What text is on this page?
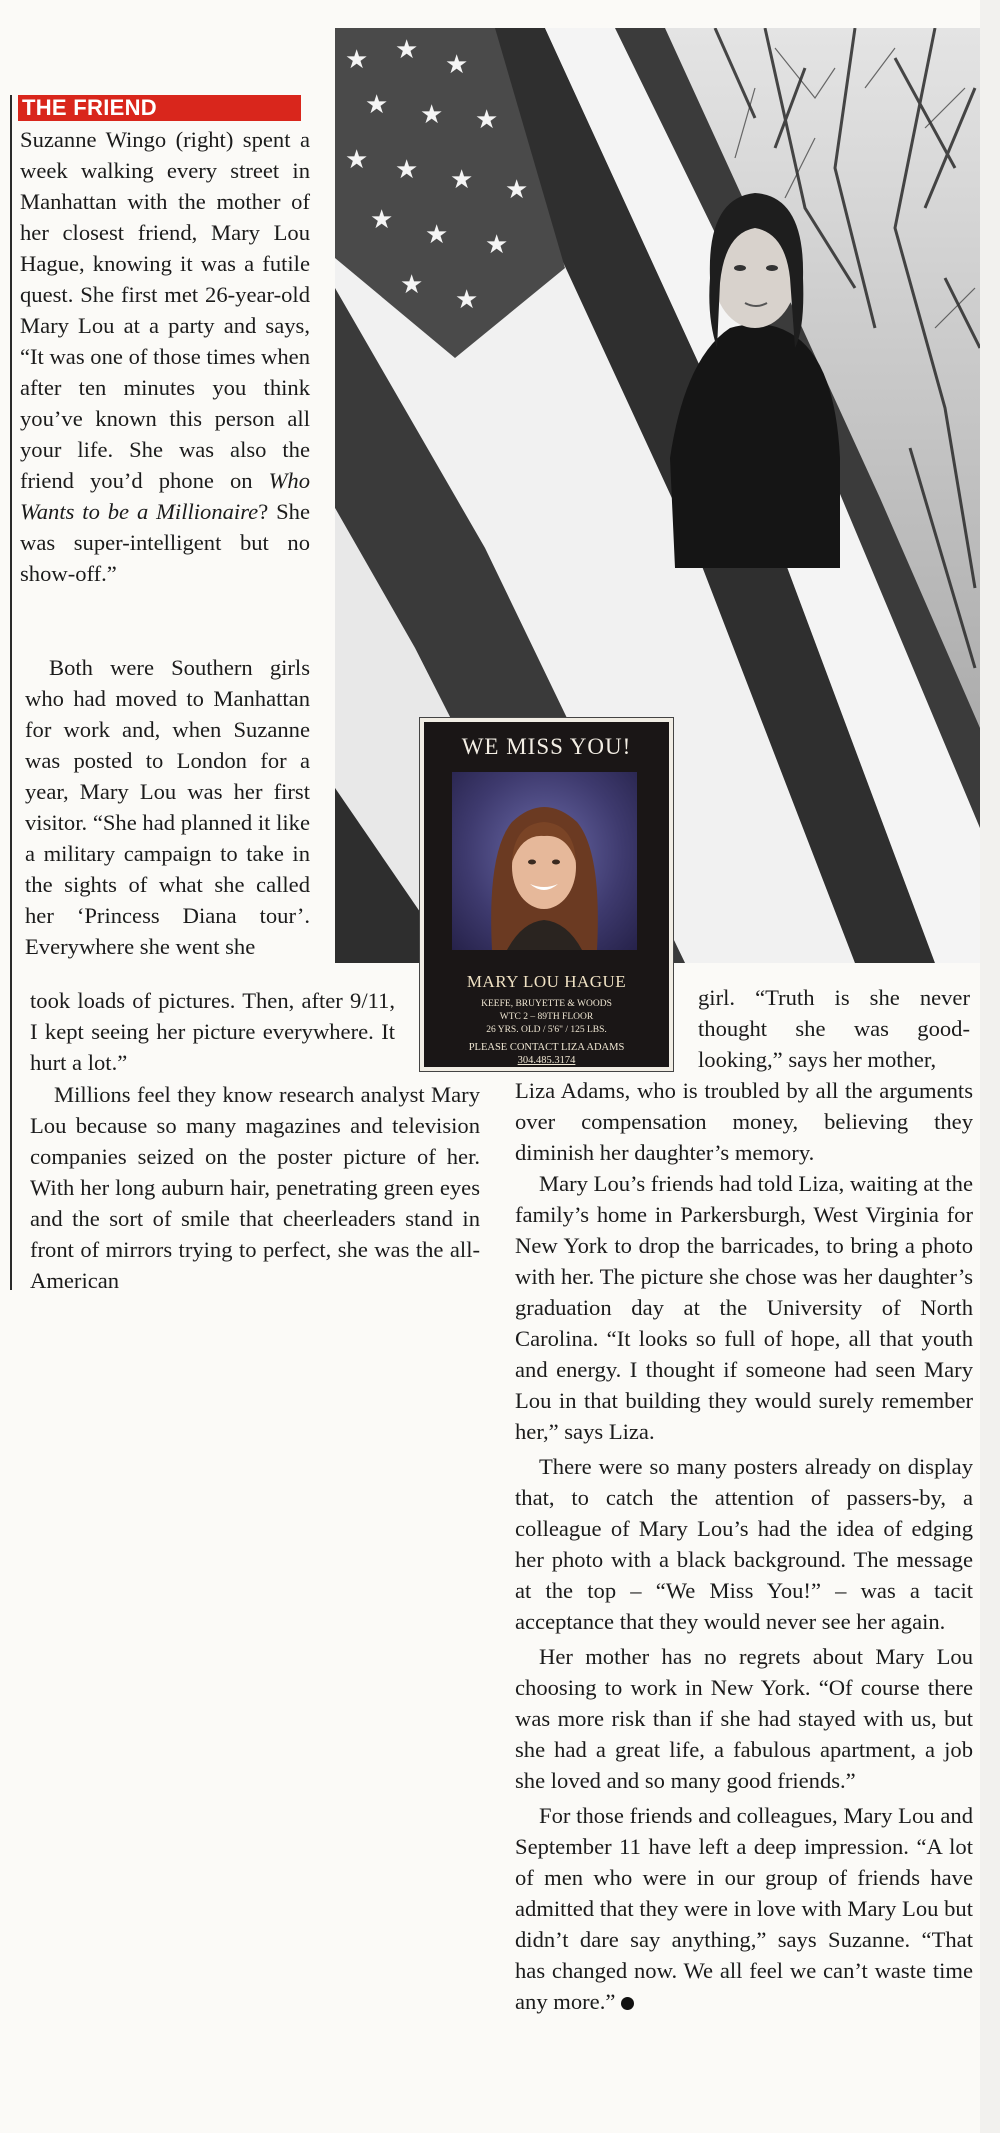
★ ★ ★
★ ★ ★
★ ★ ★ ★
★ ★ ★
★ ★
THE FRIEND

Suzanne Wingo (right) spent a week walking every street in Manhattan with the mother of her closest friend, Mary Lou Hague, knowing it was a futile quest. She first met 26-year-old Mary Lou at a party and says, “It was one of those times when after ten minutes you think you’ve known this person all your life. She was also the friend you’d phone on Who Wants to be a Millionaire? She was super-intelligent but no show-off.”

Both were Southern girls who had moved to Manhattan for work and, when Suzanne was posted to London for a year, Mary Lou was her first visitor. “She had planned it like a military campaign to take in the sights of what she called her ‘Princess Diana tour’. Everywhere she went she

took loads of pictures. Then, after 9/11, I kept seeing her picture everywhere. It hurt a lot.”

Millions feel they know research analyst Mary Lou because so many magazines and television companies seized on the poster picture of her. With her long auburn hair, penetrating green eyes and the sort of smile that cheerleaders stand in front of mirrors trying to perfect, she was the all-American

WE MISS YOU!
MARY LOU HAGUE
KEEFE, BRUYETTE & WOODS
WTC 2 – 89TH FLOOR
26 YRS. OLD / 5'6" / 125 LBS.
PLEASE CONTACT LIZA ADAMS
304.485.3174

girl. “Truth is she never thought she was good-looking,” says her mother,

Liza Adams, who is troubled by all the arguments over compensation money, believing they diminish her daughter’s memory.

Mary Lou’s friends had told Liza, waiting at the family’s home in Parkersburgh, West Virginia for New York to drop the barricades, to bring a photo with her. The picture she chose was her daughter’s graduation day at the University of North Carolina. “It looks so full of hope, all that youth and energy. I thought if someone had seen Mary Lou in that building they would surely remember her,” says Liza.

There were so many posters already on display that, to catch the attention of passers-by, a colleague of Mary Lou’s had the idea of edging her photo with a black background. The message at the top – “We Miss You!” – was a tacit acceptance that they would never see her again.

Her mother has no regrets about Mary Lou choosing to work in New York. “Of course there was more risk than if she had stayed with us, but she had a great life, a fabulous apartment, a job she loved and so many good friends.”

For those friends and colleagues, Mary Lou and September 11 have left a deep impression. “A lot of men who were in our group of friends have admitted that they were in love with Mary Lou but didn’t dare say anything,” says Suzanne. “That has changed now. We all feel we can’t waste time any more.”
